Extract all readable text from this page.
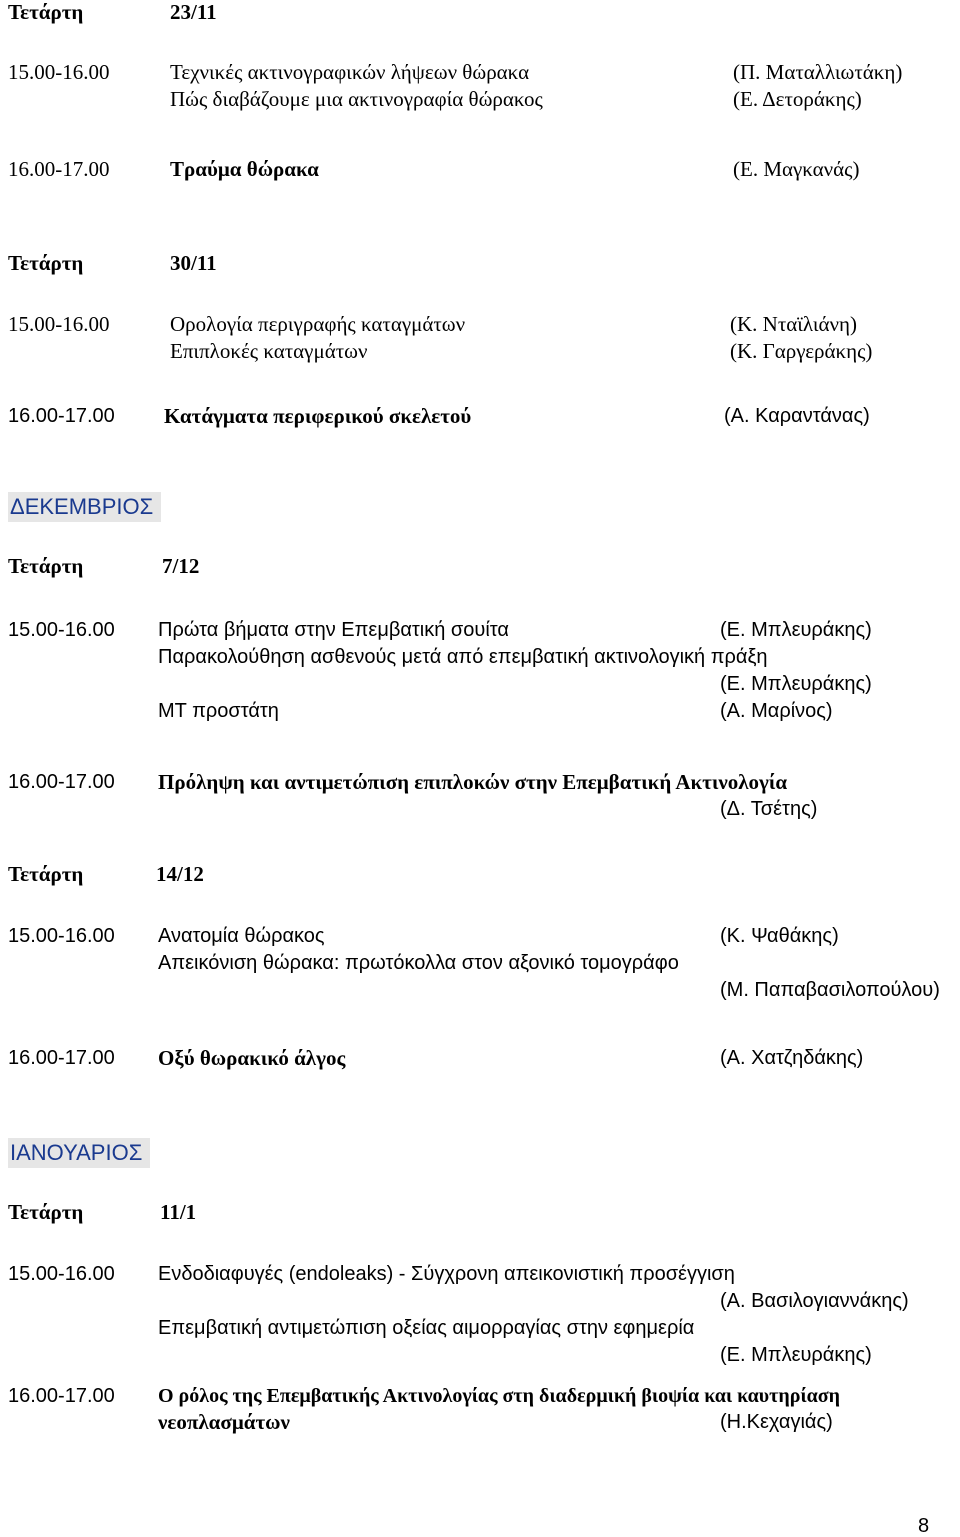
Τετάρτη	23/11
15.00-16.00	Τεχνικές ακτινογραφικών λήψεων θώρακα	(Π. Ματαλλιωτάκη)
Πώς διαβάζουμε μια ακτινογραφία θώρακος	(Ε. Δετοράκης)
16.00-17.00	Τραύμα θώρακα	(Ε. Μαγκανάς)
Τετάρτη	30/11
15.00-16.00	Ορολογία περιγραφής καταγμάτων	(Κ. Νταϊλιάνη)
Επιπλοκές καταγμάτων	(Κ. Γαργεράκης)
16.00-17.00 Κατάγματα περιφερικού σκελετού	(Α. Καραντάνας)
ΔΕΚΕΜΒΡΙΟΣ
Τετάρτη	7/12
15.00-16.00 Πρώτα βήματα στην Επεμβατική σουίτα	(Ε. Μπλευράκης)
Παρακολούθηση ασθενούς μετά από επεμβατική ακτινολογική πράξη
(Ε. Μπλευράκης)
ΜΤ προστάτη	(Α. Μαρίνος)
16.00-17.00 Πρόληψη και αντιμετώπιση επιπλοκών στην Επεμβατική Ακτινολογία
(Δ. Τσέτης)
Τετάρτη	14/12
15.00-16.00 Ανατομία θώρακος	(Κ. Ψαθάκης)
Απεικόνιση θώρακα: πρωτόκολλα στον αξονικό τομογράφο
(Μ. Παπαβασιλοπούλου)
16.00-17.00 Οξύ θωρακικό άλγος	(Α. Χατζηδάκης)
ΙΑΝΟΥΑΡΙΟΣ
Τετάρτη	11/1
15.00-16.00 Ενδοδιαφυγές (endoleaks) - Σύγχρονη απεικονιστική προσέγγιση
(Α. Βασιλογιαννάκης)
Επεμβατική αντιμετώπιση οξείας αιμορραγίας στην εφημερία
(Ε. Μπλευράκης)
16.00-17.00 Ο ρόλος της Επεμβατικής Ακτινολογίας στη διαδερμική βιοψία και καυτηρίαση
νεοπλασμάτων	(Η.Κεχαγιάς)
8
